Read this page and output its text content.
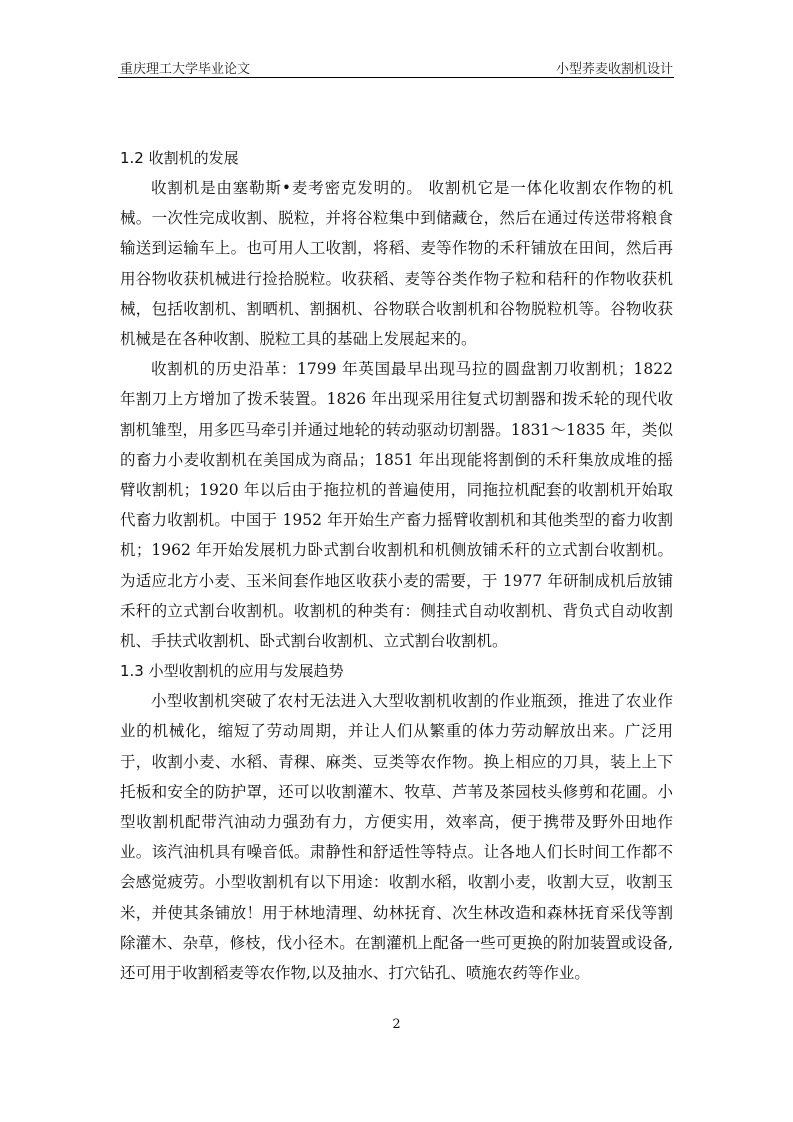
重庆理工大学毕业论文	小型荞麦收割机设计
1.2 收割机的发展

收割机是由塞勒斯•麦考密克发明的。 收割机它是一体化收割农作物的机械。一次性完成收割、脱粒，并将谷粒集中到储藏仓，然后在通过传送带将粮食输送到运输车上。也可用人工收割，将稻、麦等作物的禾秆铺放在田间，然后再用谷物收获机械进行捡拾脱粒。收获稻、麦等谷类作物子粒和秸秆的作物收获机械，包括收割机、割晒机、割捆机、谷物联合收割机和谷物脱粒机等。谷物收获机械是在各种收割、脱粒工具的基础上发展起来的。

收割机的历史沿革：1799 年英国最早出现马拉的圆盘割刀收割机；1822 年割刀上方增加了拨禾装置。1826 年出现采用往复式切割器和拨禾轮的现代收割机雏型，用多匹马牵引并通过地轮的转动驱动切割器。1831～1835 年，类似的畜力小麦收割机在美国成为商品；1851 年出现能将割倒的禾秆集放成堆的摇臂收割机；1920 年以后由于拖拉机的普遍使用，同拖拉机配套的收割机开始取代畜力收割机。中国于 1952 年开始生产畜力摇臂收割机和其他类型的畜力收割机；1962 年开始发展机力卧式割台收割机和机侧放铺禾秆的立式割台收割机。为适应北方小麦、玉米间套作地区收获小麦的需要，于 1977 年研制成机后放铺禾秆的立式割台收割机。收割机的种类有：侧挂式自动收割机、背负式自动收割机、手扶式收割机、卧式割台收割机、立式割台收割机。

1.3 小型收割机的应用与发展趋势

小型收割机突破了农村无法进入大型收割机收割的作业瓶颈，推进了农业作业的机械化，缩短了劳动周期，并让人们从繁重的体力劳动解放出来。广泛用于，收割小麦、水稻、青稞、麻类、豆类等农作物。换上相应的刀具，装上上下托板和安全的防护罩，还可以收割灌木、牧草、芦苇及茶园枝头修剪和花圃。小型收割机配带汽油动力强劲有力，方便实用，效率高，便于携带及野外田地作业。该汽油机具有噪音低。肃静性和舒适性等特点。让各地人们长时间工作都不会感觉疲劳。小型收割机有以下用途：收割水稻，收割小麦，收割大豆，收割玉米，并使其条铺放！用于林地清理、幼林抚育、次生林改造和森林抚育采伐等割除灌木、杂草，修枝，伐小径木。在割灌机上配备一些可更换的附加装置或设备,还可用于收割稻麦等农作物,以及抽水、打穴钻孔、喷施农药等作业。

2
